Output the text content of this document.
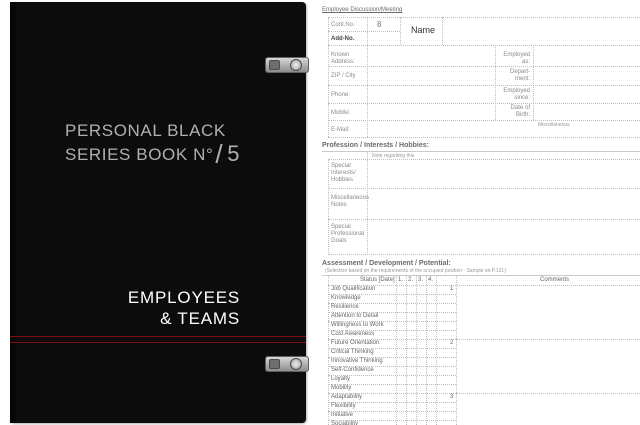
PERSONAL BLACK
SERIES BOOK N° / 5
EMPLOYEES
& TEAMS
Employee Discussion/Meeting
Cont.No.	8
Add-No.
Name
Known Address:
ZIP / City
Phone:
Mobile:
E-Mail:
Employed as:
Depart-ment:
Employed since:
Date of Birth:
Miscellaneous
Profession / Interests / Hobbies:
Note regarding this
Special Interests/ Hobbies
Miscellaneous Notes
Special Professional Goals
Assessment / Development / Potential:
(Selection based on the requirements of the occupied position - Sample on P.131)
Status [Date] 1. 2. 3. 4.	Comments
Job Qualification
Knowledge
Resilience
Attention to Detail
Willingness to Work
Cost Awareness
Future Orientation
Critical Thinking
Innovative Thinking
Self-Confidence
Loyalty
Mobility
Adaptability
Flexibility
Initiative
Sociability
1
2
3
